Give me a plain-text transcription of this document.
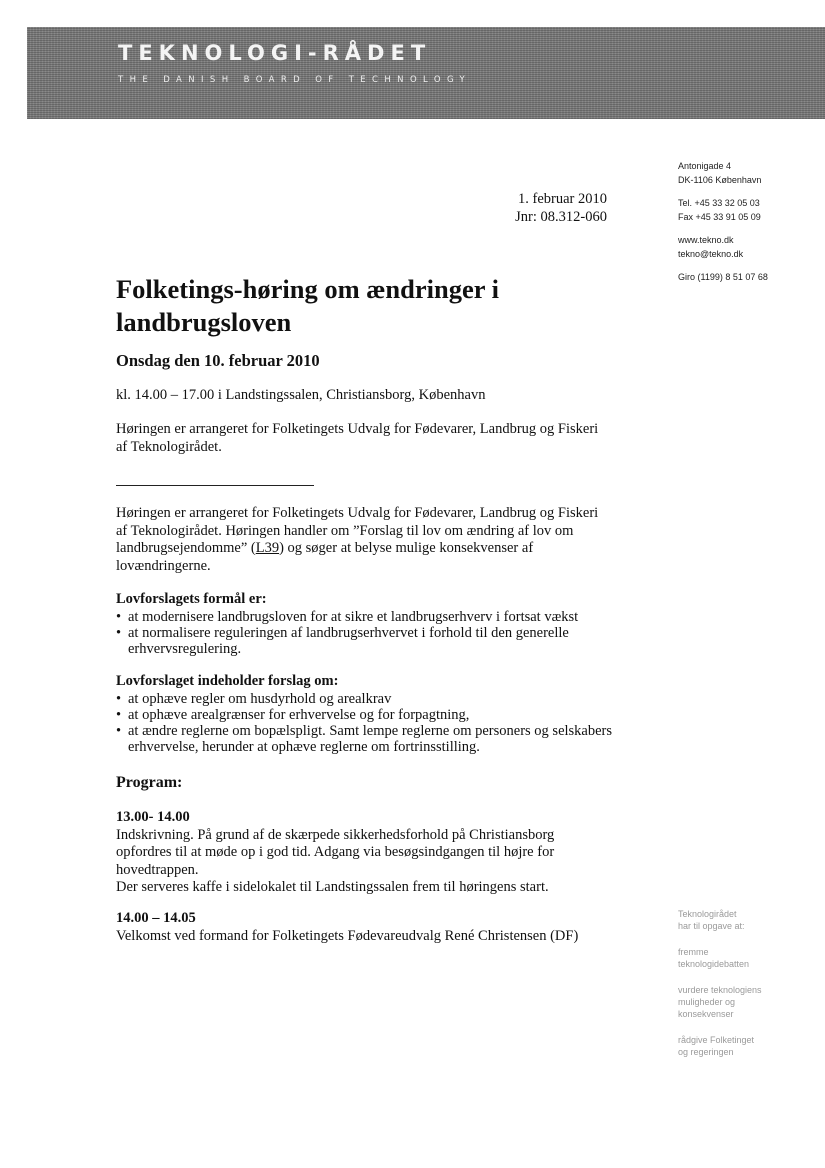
TEKNOLOGI-RÅDET
THE DANISH BOARD OF TECHNOLOGY
Antonigade 4
DK-1106 København
Tel. +45 33 32 05 03
Fax +45 33 91 05 09
www.tekno.dk
tekno@tekno.dk
Giro (1199) 8 51 07 68
1. februar 2010
Jnr: 08.312-060
Folketings-høring om ændringer i landbrugsloven
Onsdag den 10. februar 2010
kl. 14.00 – 17.00 i Landstingssalen, Christiansborg, København
Høringen er arrangeret for Folketingets Udvalg for Fødevarer, Landbrug og Fiskeri af Teknologirådet.
Høringen er arrangeret for Folketingets Udvalg for Fødevarer, Landbrug og Fiskeri af Teknologirådet. Høringen handler om ”Forslag til lov om ændring af lov om landbrugsejendomme” (L39) og søger at belyse mulige konsekvenser af lovændringerne.
Lovforslagets formål er:
• at modernisere landbrugsloven for at sikre et landbrugserhverv i fortsat vækst
• at normalisere reguleringen af landbrugserhvervet i forhold til den generelle erhvervsregulering.
Lovforslaget indeholder forslag om:
• at ophæve regler om husdyrhold og arealkrav
• at ophæve arealgrænser for erhvervelse og for forpagtning,
• at ændre reglerne om bopælspligt. Samt lempe reglerne om personers og selskabers erhvervelse, herunder at ophæve reglerne om fortrinsstilling.
Program:
13.00- 14.00
Indskrivning. På grund af de skærpede sikkerhedsforhold på Christiansborg opfordres til at møde op i god tid. Adgang via besøgsindgangen til højre for hovedtrappen.
Der serveres kaffe i sidelokalet til Landstingssalen frem til høringens start.
14.00 – 14.05
Velkomst ved formand for Folketingets Fødevareudvalg René Christensen (DF)
Teknologirådet
har til opgave at:
fremme
teknologidebatten
vurdere teknologiens
muligheder og
konsekvenser
rådgive Folketinget
og regeringen
